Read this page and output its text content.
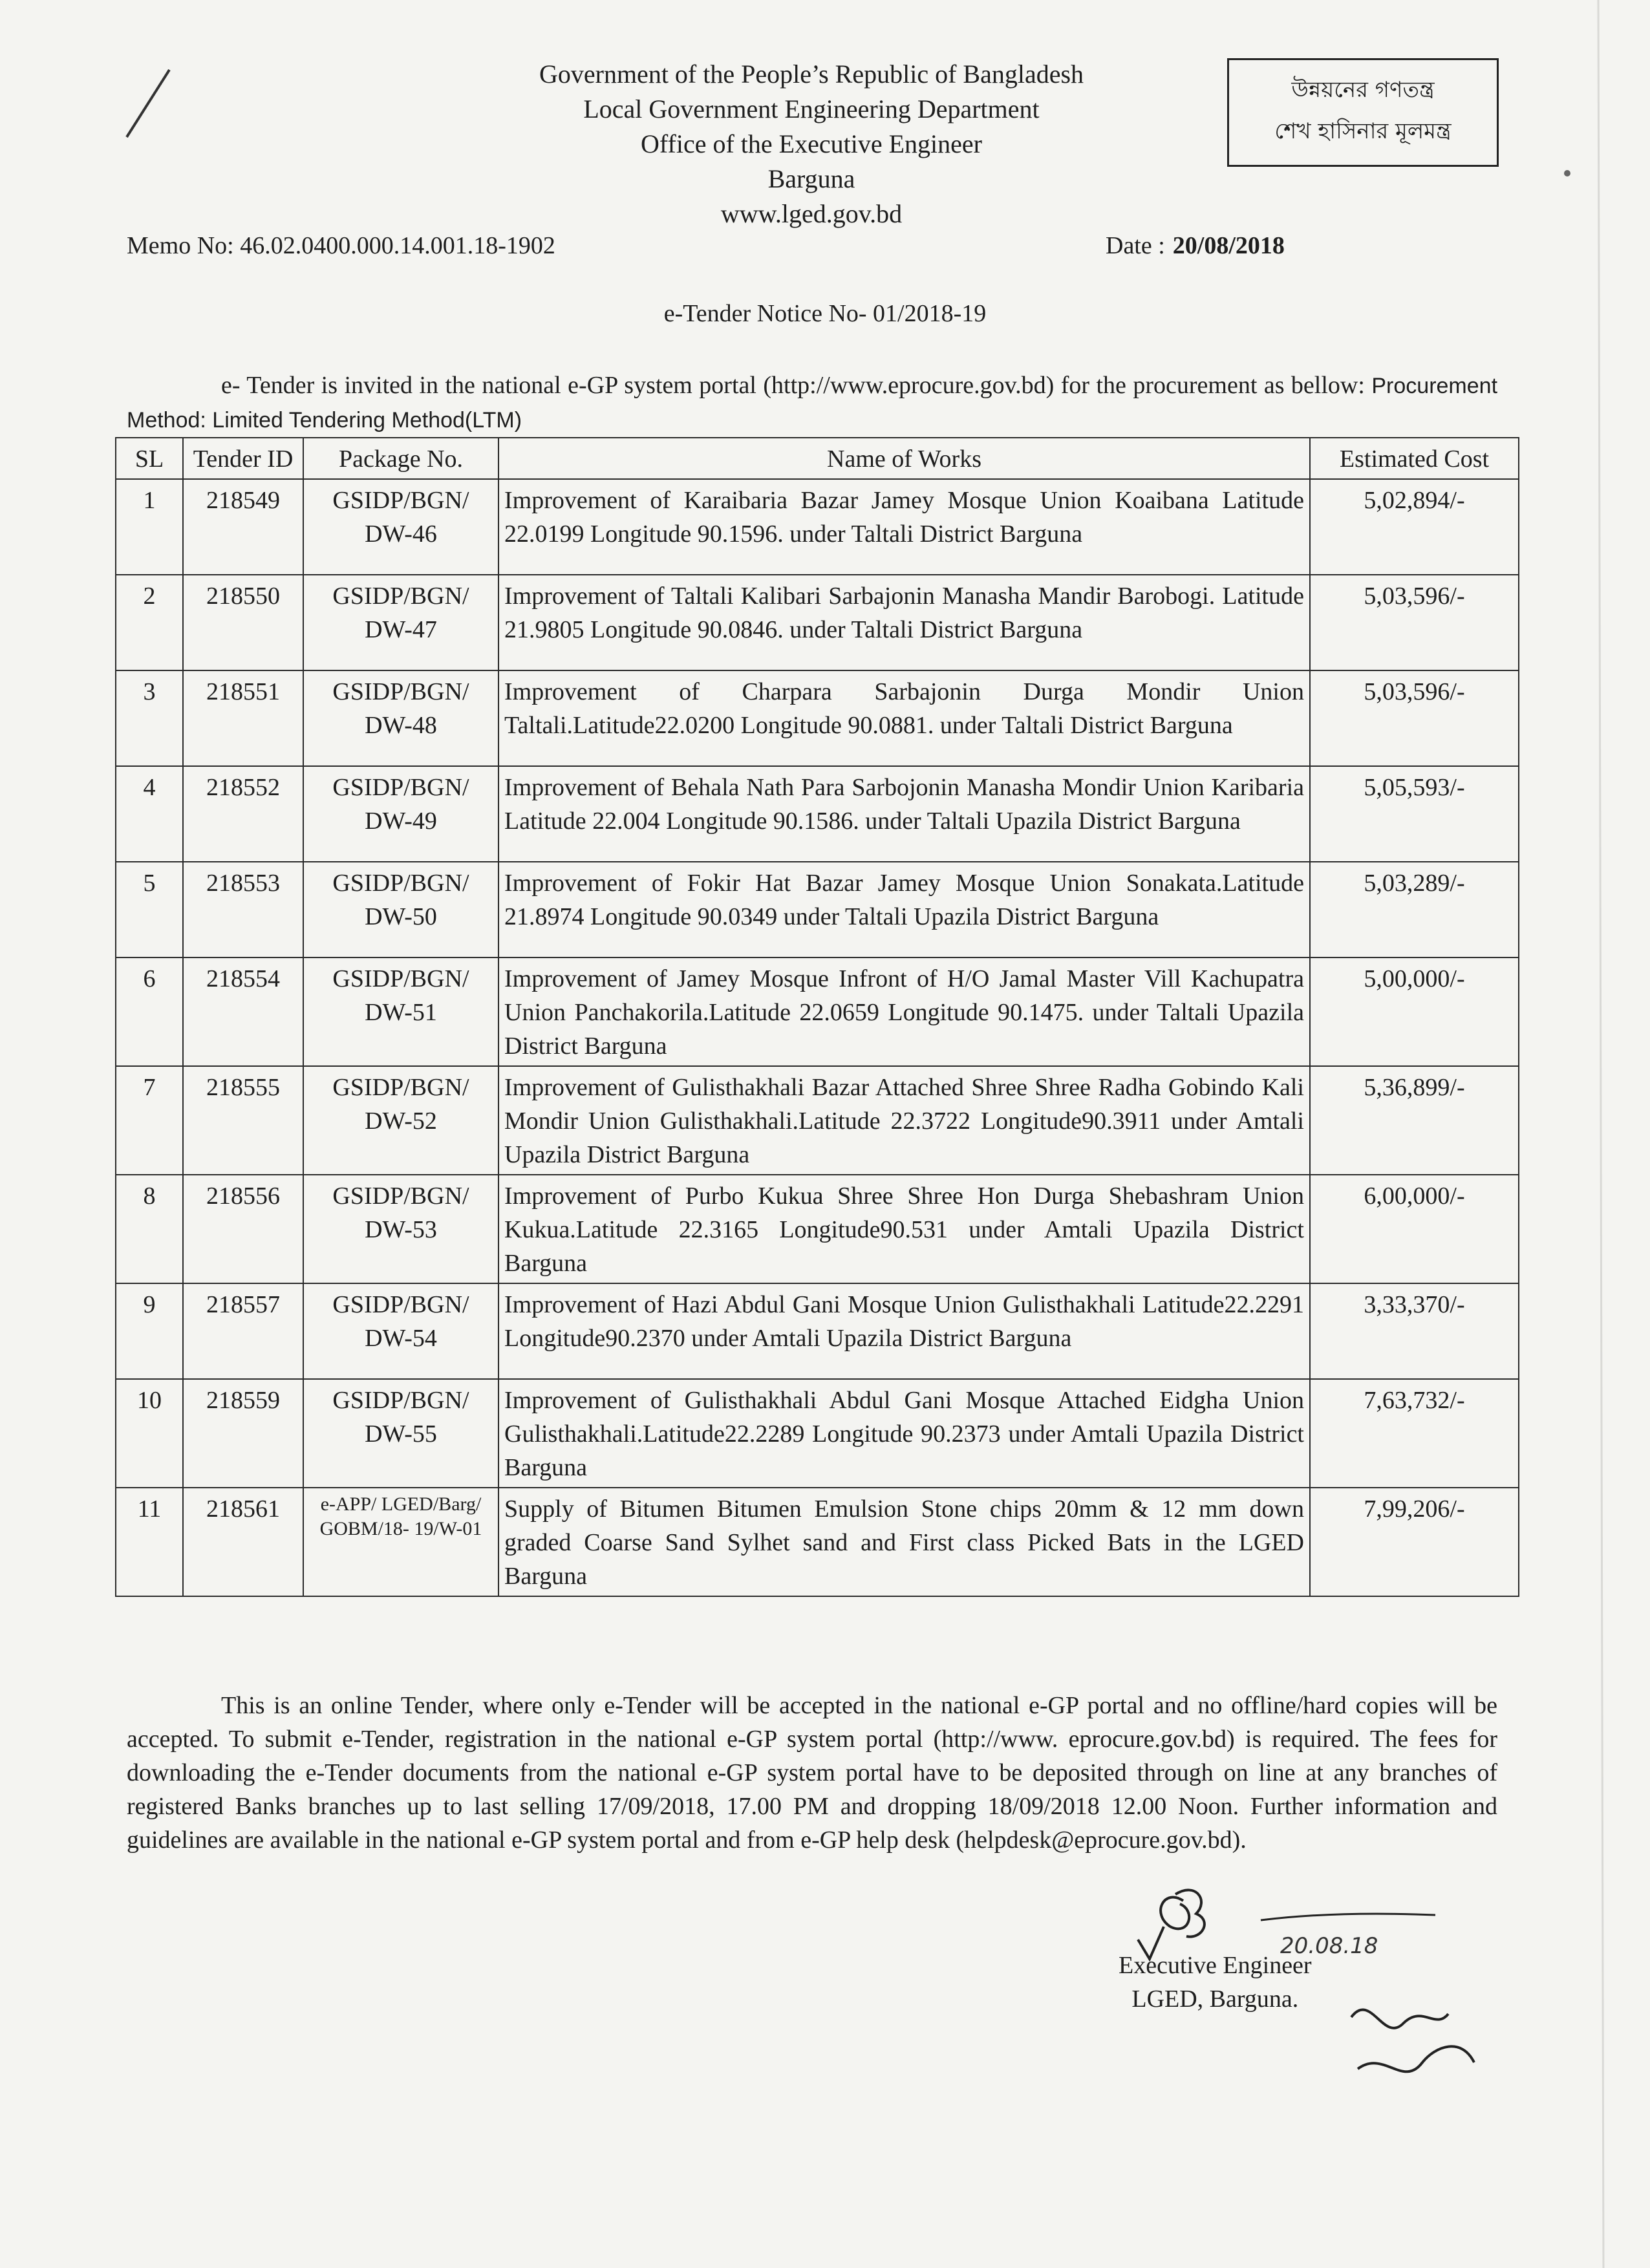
Government of the People’s Republic of Bangladesh
Local Government Engineering Department
Office of the Executive Engineer
Barguna
www.lged.gov.bd
উন্নয়নের গণতন্ত্র
শেখ হাসিনার মূলমন্ত্র
Memo No: 46.02.0400.000.14.001.18-1902	Date : 20/08/2018
e-Tender Notice No- 01/2018-19
e- Tender is invited in the national e-GP system portal (http://www.eprocure.gov.bd) for the procurement as bellow: Procurement Method: Limited Tendering Method(LTM)
SL	Tender ID	Package No.	Name of Works	Estimated Cost
1	218549	GSIDP/BGN/ DW-46	Improvement of Karaibaria Bazar Jamey Mosque Union Koaibana Latitude 22.0199 Longitude 90.1596. under Taltali District Barguna	5,02,894/-
2	218550	GSIDP/BGN/ DW-47	Improvement of Taltali Kalibari Sarbajonin Manasha Mandir Barobogi. Latitude 21.9805 Longitude 90.0846. under Taltali District Barguna	5,03,596/-
3	218551	GSIDP/BGN/ DW-48	Improvement of Charpara Sarbajonin Durga Mondir Union Taltali.Latitude22.0200 Longitude 90.0881. under Taltali District Barguna	5,03,596/-
4	218552	GSIDP/BGN/ DW-49	Improvement of Behala Nath Para Sarbojonin Manasha Mondir Union Karibaria Latitude 22.004 Longitude 90.1586. under Taltali Upazila District Barguna	5,05,593/-
5	218553	GSIDP/BGN/ DW-50	Improvement of Fokir Hat Bazar Jamey Mosque Union Sonakata.Latitude 21.8974 Longitude 90.0349 under Taltali Upazila District Barguna	5,03,289/-
6	218554	GSIDP/BGN/ DW-51	Improvement of Jamey Mosque Infront of H/O Jamal Master Vill Kachupatra Union Panchakorila.Latitude 22.0659 Longitude 90.1475. under Taltali Upazila District Barguna	5,00,000/-
7	218555	GSIDP/BGN/ DW-52	Improvement of Gulisthakhali Bazar Attached Shree Shree Radha Gobindo Kali Mondir Union Gulisthakhali.Latitude 22.3722 Longitude90.3911 under Amtali Upazila District Barguna	5,36,899/-
8	218556	GSIDP/BGN/ DW-53	Improvement of Purbo Kukua Shree Shree Hon Durga Shebashram Union Kukua.Latitude 22.3165 Longitude90.531 under Amtali Upazila District Barguna	6,00,000/-
9	218557	GSIDP/BGN/ DW-54	Improvement of Hazi Abdul Gani Mosque Union Gulisthakhali Latitude22.2291 Longitude90.2370 under Amtali Upazila District Barguna	3,33,370/-
10	218559	GSIDP/BGN/ DW-55	Improvement of Gulisthakhali Abdul Gani Mosque Attached Eidgha Union Gulisthakhali.Latitude22.2289 Longitude 90.2373 under Amtali Upazila District Barguna	7,63,732/-
11	218561	e-APP/ LGED/Barg/ GOBM/18- 19/W-01	Supply of Bitumen Bitumen Emulsion Stone chips 20mm & 12 mm down graded Coarse Sand Sylhet sand and First class Picked Bats in the LGED Barguna	7,99,206/-
This is an online Tender, where only e-Tender will be accepted in the national e-GP portal and no offline/hard copies will be accepted. To submit e-Tender, registration in the national e-GP system portal (http://www. eprocure.gov.bd) is required. The fees for downloading the e-Tender documents from the national e-GP system portal have to be deposited through on line at any branches of registered Banks branches up to last selling 17/09/2018, 17.00 PM and dropping 18/09/2018 12.00 Noon. Further information and guidelines are available in the national e-GP system portal and from e-GP help desk (helpdesk@eprocure.gov.bd).
20.08.18
Executive Engineer
LGED, Barguna.
